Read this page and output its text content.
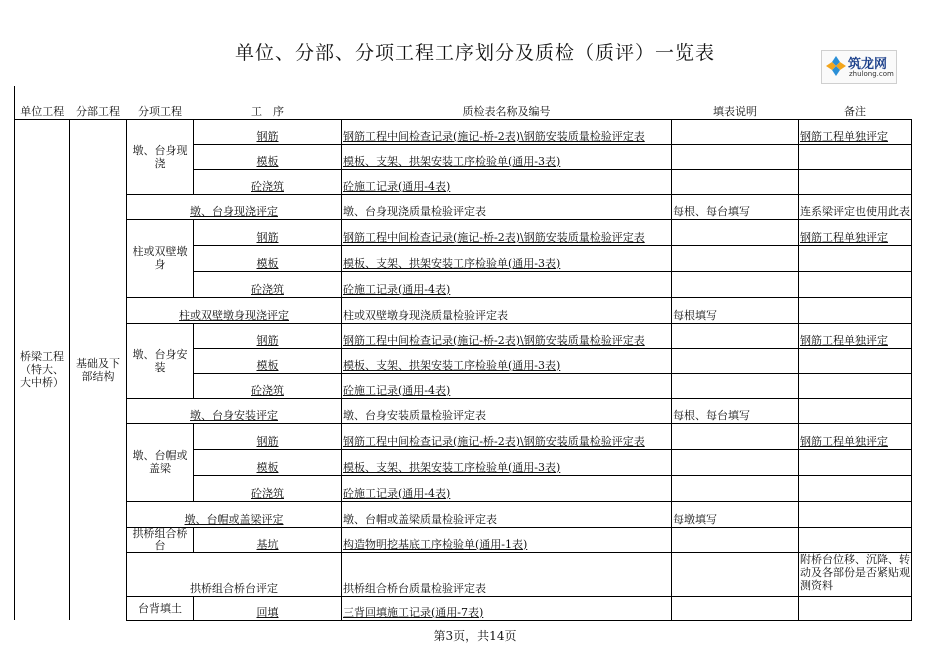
单位、分部、分项工程工序划分及质检（质评）一览表
筑龙网
zhulong.com
单位工程	分部工程	分项工程	工　序	质检表名称及编号	填表说明	备注
桥梁工程（特大、大中桥）	基础及下部结构	墩、台身现浇	钢筋	钢筋工程中间检查记录(施记-桥-2表)\钢筋安装质量检验评定表		钢筋工程单独评定
			模板	模板、支架、拱架安装工序检验单(通用-3表)		
			砼浇筑	砼施工记录(通用-4表)		
		墩、台身现浇评定		墩、台身现浇质量检验评定表	每根、每台填写	连系梁评定也使用此表
		柱或双壁墩身	钢筋	钢筋工程中间检查记录(施记-桥-2表)\钢筋安装质量检验评定表		钢筋工程单独评定
			模板	模板、支架、拱架安装工序检验单(通用-3表)		
			砼浇筑	砼施工记录(通用-4表)		
		柱或双壁墩身现浇评定		柱或双壁墩身现浇质量检验评定表	每根填写	
		墩、台身安装	钢筋	钢筋工程中间检查记录(施记-桥-2表)\钢筋安装质量检验评定表		钢筋工程单独评定
			模板	模板、支架、拱架安装工序检验单(通用-3表)		
			砼浇筑	砼施工记录(通用-4表)		
		墩、台身安装评定		墩、台身安装质量检验评定表	每根、每台填写	
		墩、台帽或盖梁	钢筋	钢筋工程中间检查记录(施记-桥-2表)\钢筋安装质量检验评定表		钢筋工程单独评定
			模板	模板、支架、拱架安装工序检验单(通用-3表)		
			砼浇筑	砼施工记录(通用-4表)		
		墩、台帽或盖梁评定		墩、台帽或盖梁质量检验评定表	每墩填写	
		拱桥组合桥台	基坑	构造物明挖基底工序检验单(通用-1表)		
		拱桥组合桥台评定		拱桥组合桥台质量检验评定表		附桥台位移、沉降、转动及各部份是否紧贴观测资料
		台背填土	回填	三背回填施工记录(通用-7表)		
第3页，共14页
